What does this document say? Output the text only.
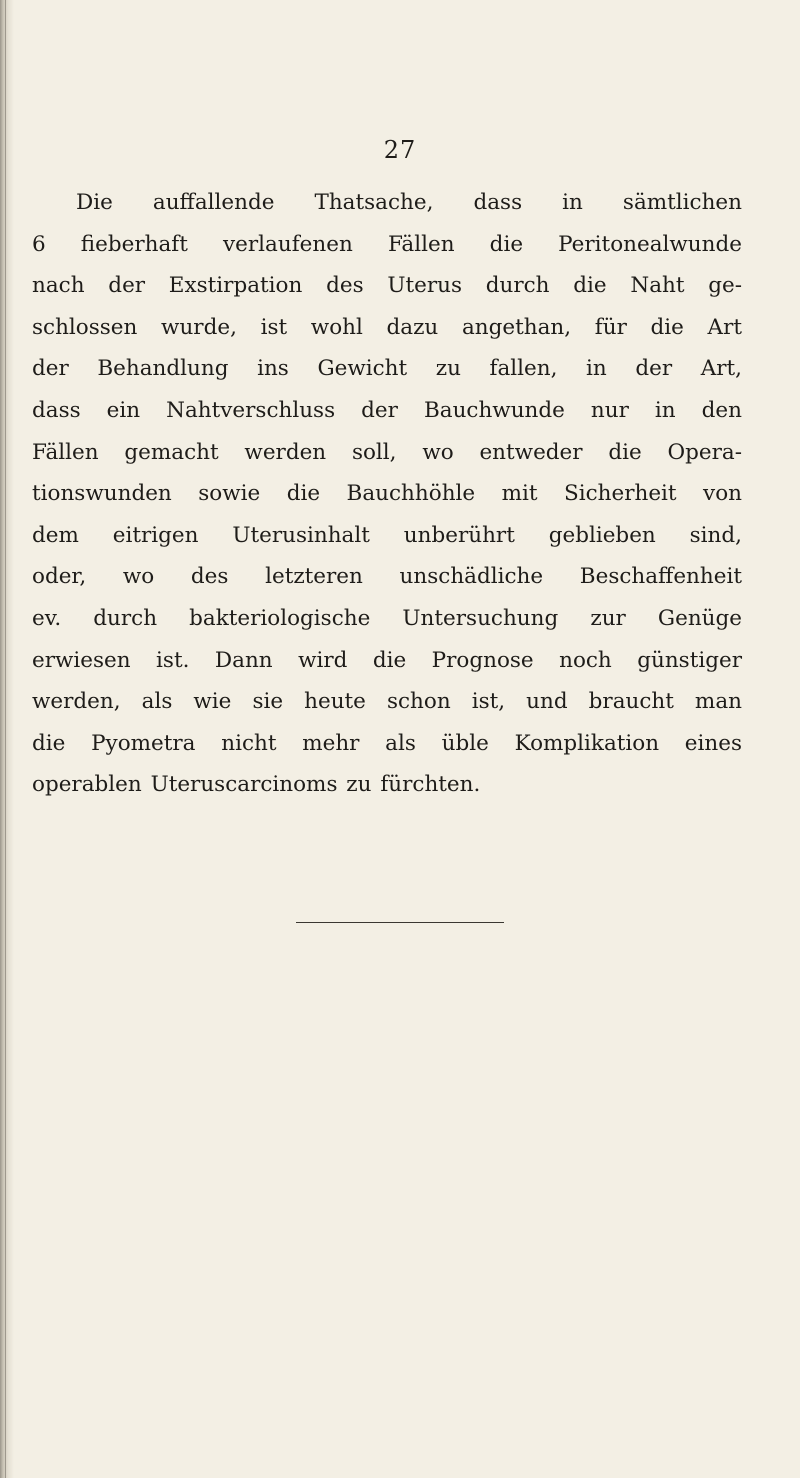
27
Die auffallende Thatsache, dass in sämtlichen
6 fieberhaft verlaufenen Fällen die Peritonealwunde
nach der Exstirpation des Uterus durch die Naht ge-
schlossen wurde, ist wohl dazu angethan, für die Art
der Behandlung ins Gewicht zu fallen, in der Art,
dass ein Nahtverschluss der Bauchwunde nur in den
Fällen gemacht werden soll, wo entweder die Opera-
tionswunden sowie die Bauchhöhle mit Sicherheit von
dem eitrigen Uterusinhalt unberührt geblieben sind,
oder, wo des letzteren unschädliche Beschaffenheit
ev. durch bakteriologische Untersuchung zur Genüge
erwiesen ist. Dann wird die Prognose noch günstiger
werden, als wie sie heute schon ist, und braucht man
die Pyometra nicht mehr als üble Komplikation eines
operablen Uteruscarcinoms zu fürchten.
